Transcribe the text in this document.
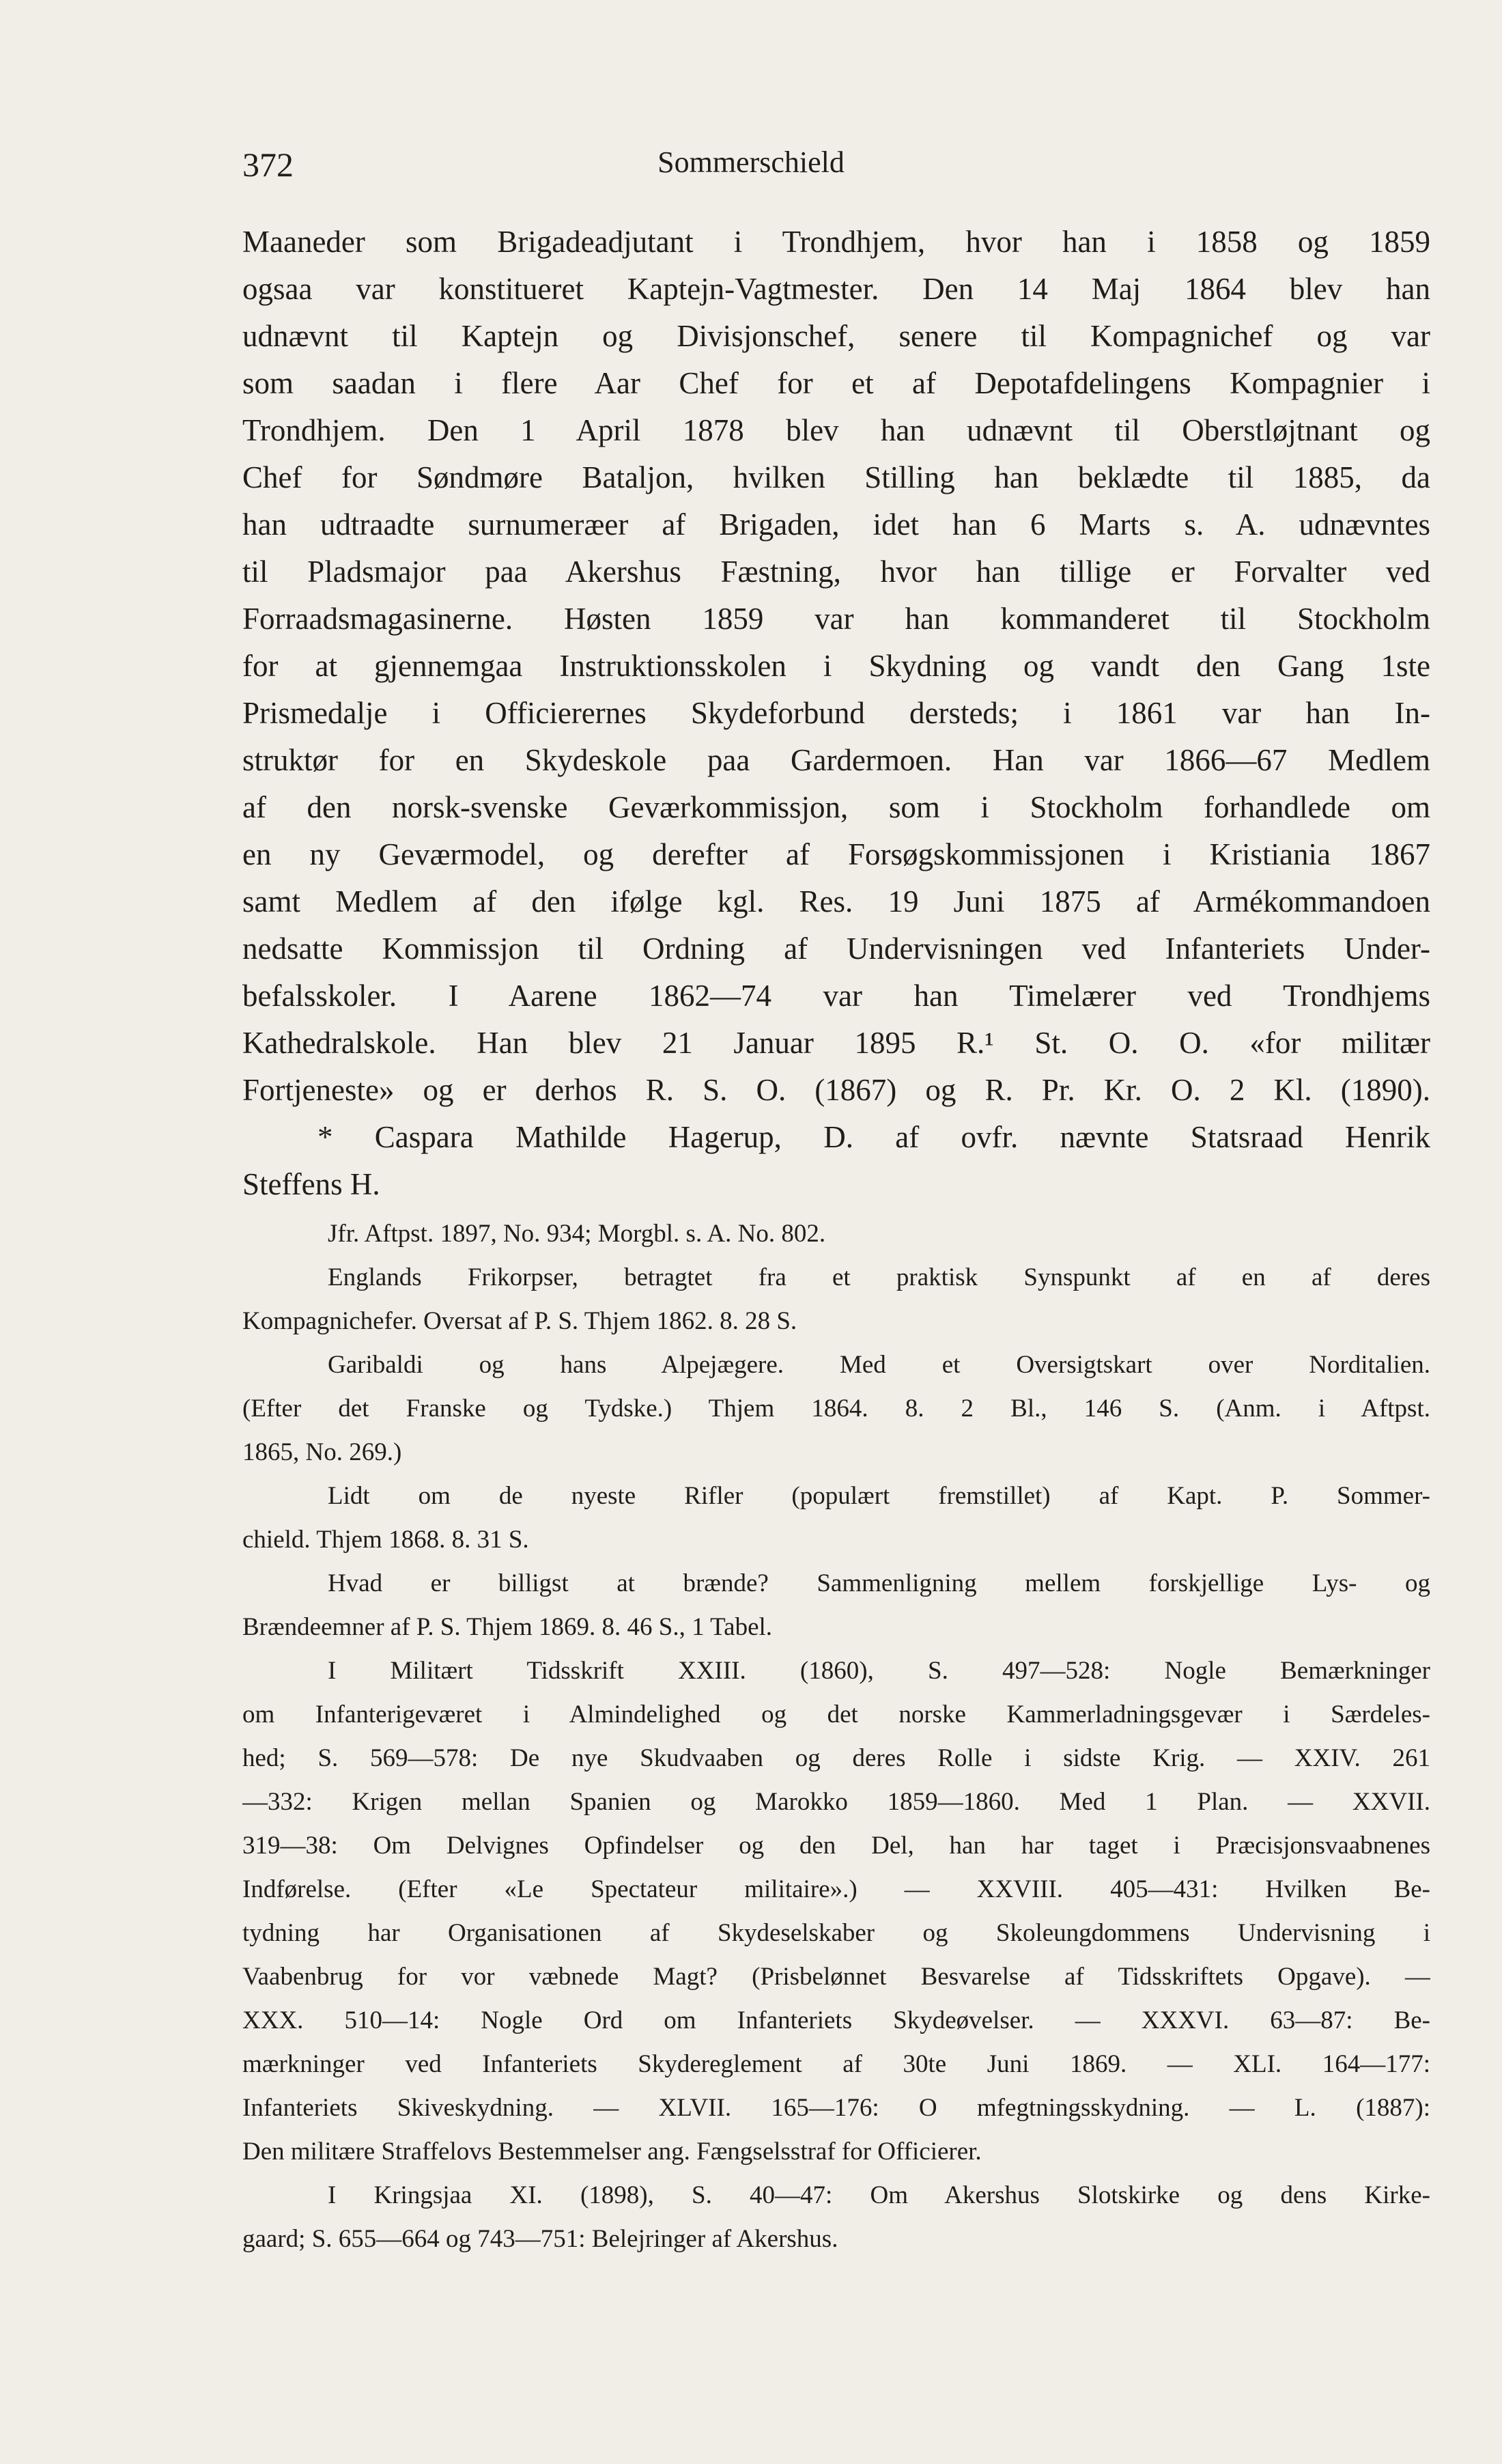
Sommerschield
372
Maaneder som Brigadeadjutant i Trondhjem, hvor han i 1858 og 1859
ogsaa var konstitueret Kaptejn-Vagtmester. Den 14 Maj 1864 blev han
udnævnt til Kaptejn og Divisjonschef, senere til Kompagnichef og var
som saadan i flere Aar Chef for et af Depotafdelingens Kompagnier i
Trondhjem. Den 1 April 1878 blev han udnævnt til Oberstløjtnant og
Chef for Søndmøre Bataljon, hvilken Stilling han beklædte til 1885, da
han udtraadte surnumeræer af Brigaden, idet han 6 Marts s. A. udnævntes
til Pladsmajor paa Akershus Fæstning, hvor han tillige er Forvalter ved
Forraadsmagasinerne. Høsten 1859 var han kommanderet til Stockholm
for at gjennemgaa Instruktionsskolen i Skydning og vandt den Gang 1ste
Prismedalje i Officierernes Skydeforbund dersteds; i 1861 var han In-
struktør for en Skydeskole paa Gardermoen. Han var 1866—67 Medlem
af den norsk-svenske Geværkommissjon, som i Stockholm forhandlede om
en ny Geværmodel, og derefter af Forsøgskommissjonen i Kristiania 1867
samt Medlem af den ifølge kgl. Res. 19 Juni 1875 af Armékommandoen
nedsatte Kommissjon til Ordning af Undervisningen ved Infanteriets Under-
befalsskoler. I Aarene 1862—74 var han Timelærer ved Trondhjems
Kathedralskole. Han blev 21 Januar 1895 R.¹ St. O. O. «for militær
Fortjeneste» og er derhos R. S. O. (1867) og R. Pr. Kr. O. 2 Kl. (1890).
* Caspara Mathilde Hagerup, D. af ovfr. nævnte Statsraad Henrik
Steffens H.
Jfr. Aftpst. 1897, No. 934; Morgbl. s. A. No. 802.
Englands Frikorpser, betragtet fra et praktisk Synspunkt af en af deres
Kompagnichefer. Oversat af P. S. Thjem 1862. 8. 28 S.
Garibaldi og hans Alpejægere. Med et Oversigtskart over Norditalien.
(Efter det Franske og Tydske.) Thjem 1864. 8. 2 Bl., 146 S. (Anm. i Aftpst.
1865, No. 269.)
Lidt om de nyeste Rifler (populært fremstillet) af Kapt. P. Sommer-
chield. Thjem 1868. 8. 31 S.
Hvad er billigst at brænde? Sammenligning mellem forskjellige Lys- og
Brændeemner af P. S. Thjem 1869. 8. 46 S., 1 Tabel.
I Militært Tidsskrift XXIII. (1860), S. 497—528: Nogle Bemærkninger
om Infanterigeværet i Almindelighed og det norske Kammerladningsgevær i Særdeles-
hed; S. 569—578: De nye Skudvaaben og deres Rolle i sidste Krig. — XXIV. 261
—332: Krigen mellan Spanien og Marokko 1859—1860. Med 1 Plan. — XXVII.
319—38: Om Delvignes Opfindelser og den Del, han har taget i Præcisjonsvaabnenes
Indførelse. (Efter «Le Spectateur militaire».) — XXVIII. 405—431: Hvilken Be-
tydning har Organisationen af Skydeselskaber og Skoleungdommens Undervisning i
Vaabenbrug for vor væbnede Magt? (Prisbelønnet Besvarelse af Tidsskriftets Opgave). —
XXX. 510—14: Nogle Ord om Infanteriets Skydeøvelser. — XXXVI. 63—87: Be-
mærkninger ved Infanteriets Skydereglement af 30te Juni 1869. — XLI. 164—177:
Infanteriets Skiveskydning. — XLVII. 165—176: O mfegtningsskydning. — L. (1887):
Den militære Straffelovs Bestemmelser ang. Fængselsstraf for Officierer.
I Kringsjaa XI. (1898), S. 40—47: Om Akershus Slotskirke og dens Kirke-
gaard; S. 655—664 og 743—751: Belejringer af Akershus.
